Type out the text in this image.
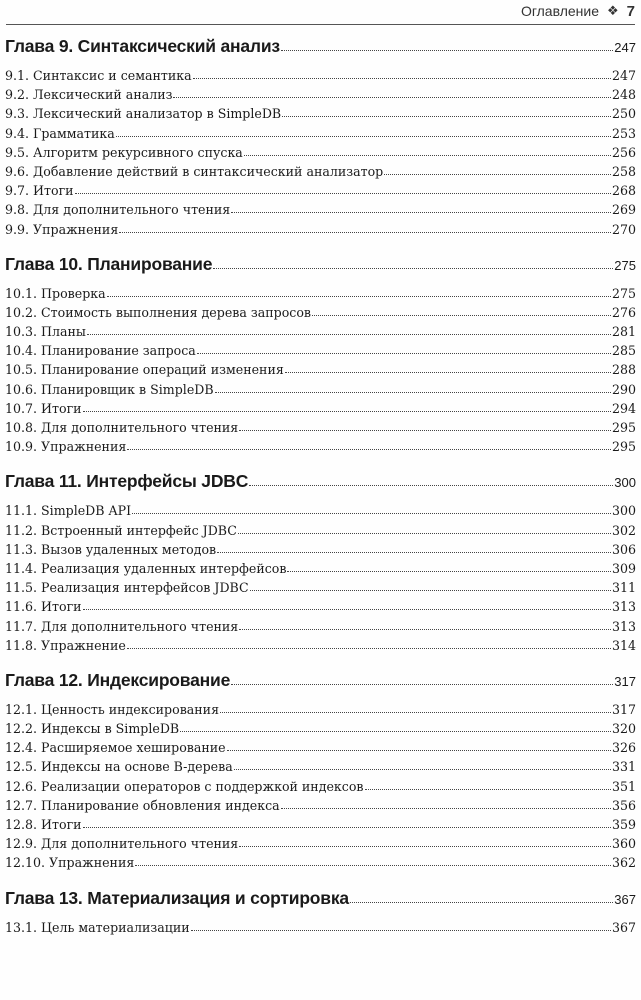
Оглавление ❖ 7
Глава 9. Синтаксический анализ	247
9.1. Синтаксис и семантика	247
9.2. Лексический анализ	248
9.3. Лексический анализатор в SimpleDB	250
9.4. Грамматика	253
9.5. Алгоритм рекурсивного спуска	256
9.6. Добавление действий в синтаксический анализатор	258
9.7. Итоги	268
9.8. Для дополнительного чтения	269
9.9. Упражнения	270
Глава 10. Планирование	275
10.1. Проверка	275
10.2. Стоимость выполнения дерева запросов	276
10.3. Планы	281
10.4. Планирование запроса	285
10.5. Планирование операций изменения	288
10.6. Планировщик в SimpleDB	290
10.7. Итоги	294
10.8. Для дополнительного чтения	295
10.9. Упражнения	295
Глава 11. Интерфейсы JDBC	300
11.1. SimpleDB API	300
11.2. Встроенный интерфейс JDBC	302
11.3. Вызов удаленных методов	306
11.4. Реализация удаленных интерфейсов	309
11.5. Реализация интерфейсов JDBC	311
11.6. Итоги	313
11.7. Для дополнительного чтения	313
11.8. Упражнение	314
Глава 12. Индексирование	317
12.1. Ценность индексирования	317
12.2. Индексы в SimpleDB	320
12.4. Расширяемое хеширование	326
12.5. Индексы на основе B-дерева	331
12.6. Реализации операторов с поддержкой индексов	351
12.7. Планирование обновления индекса	356
12.8. Итоги	359
12.9. Для дополнительного чтения	360
12.10. Упражнения	362
Глава 13. Материализация и сортировка	367
13.1. Цель материализации	367
